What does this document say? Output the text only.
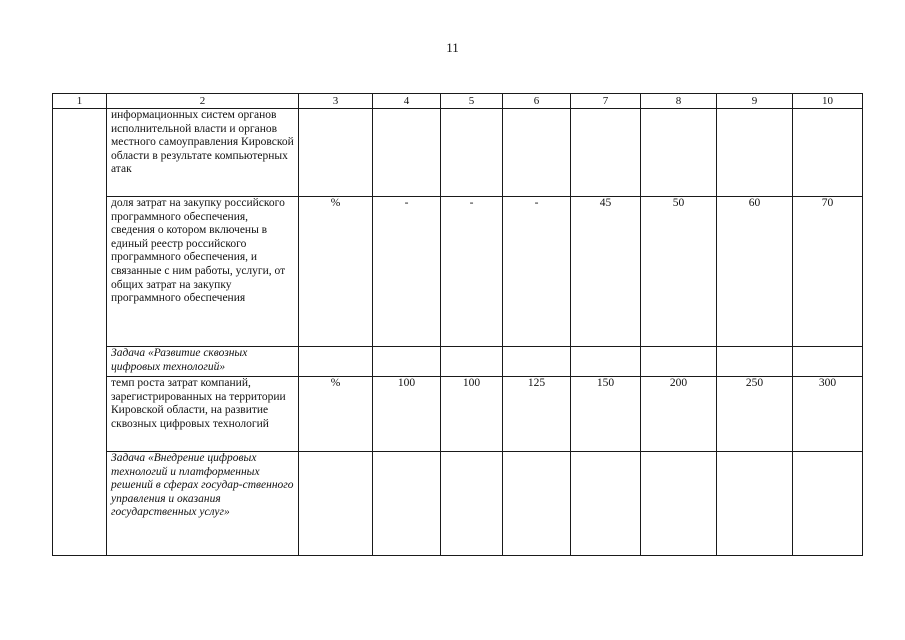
11
1	2	3	4	5	6	7	8	9	10
	информационных систем органов исполнительной власти и органов местного самоуправления Кировской области в результате компьютерных атак								
	доля затрат на закупку российского программного обеспечения, сведения о котором включены в единый реестр российского программного обеспечения, и связанные с ним работы, услуги, от общих затрат на закупку программного обеспечения	%	-	-	-	45	50	60	70
	Задача «Развитие сквозных цифровых технологий»								
	темп роста затрат компаний, зарегистрированных на территории Кировской области, на развитие сквозных цифровых технологий	%	100	100	125	150	200	250	300
	Задача «Внедрение цифровых технологий и платформенных решений в сферах государ-ственного управления и оказания государственных услуг»								
